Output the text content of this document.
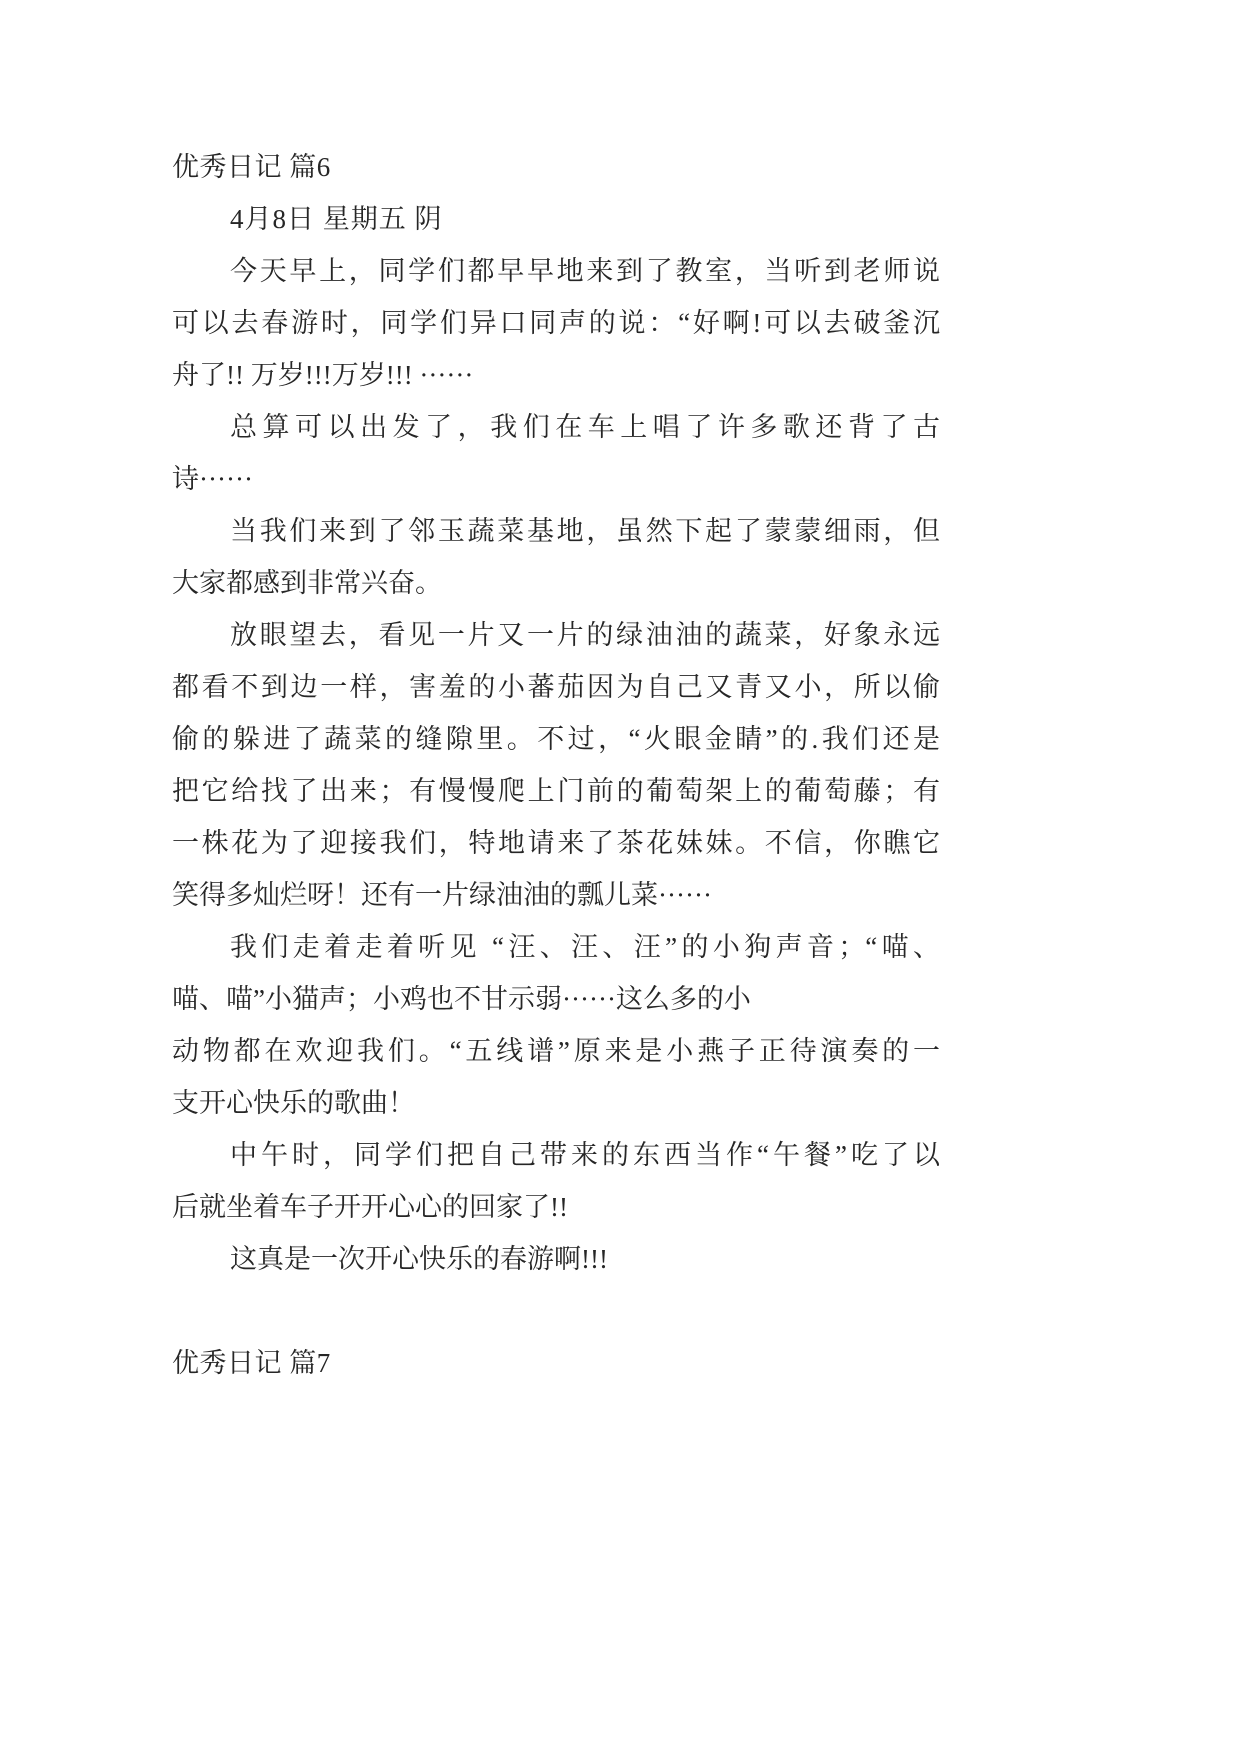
优秀日记 篇6
4月8日 星期五 阴
今天早上，同学们都早早地来到了教室，当听到老师说
可以去春游时，同学们异口同声的说：“好啊!可以去破釜沉
舟了!! 万岁!!!万岁!!! ······
总算可以出发了，我们在车上唱了许多歌还背了古
诗······
当我们来到了邻玉蔬菜基地，虽然下起了蒙蒙细雨，但
大家都感到非常兴奋。
放眼望去，看见一片又一片的绿油油的蔬菜，好象永远
都看不到边一样，害羞的小蕃茄因为自己又青又小，所以偷
偷的躲进了蔬菜的缝隙里。不过，“火眼金睛”的.我们还是
把它给找了出来；有慢慢爬上门前的葡萄架上的葡萄藤；有
一株花为了迎接我们，特地请来了茶花妹妹。不信，你瞧它
笑得多灿烂呀！还有一片绿油油的瓢儿菜······
我们走着走着听见 “汪、汪、汪”的小狗声音；“喵、
喵、喵”小猫声；小鸡也不甘示弱······这么多的小
动物都在欢迎我们。“五线谱”原来是小燕子正待演奏的一
支开心快乐的歌曲！
中午时，同学们把自己带来的东西当作“午餐”吃了以
后就坐着车子开开心心的回家了!!
这真是一次开心快乐的春游啊!!!
优秀日记 篇7
